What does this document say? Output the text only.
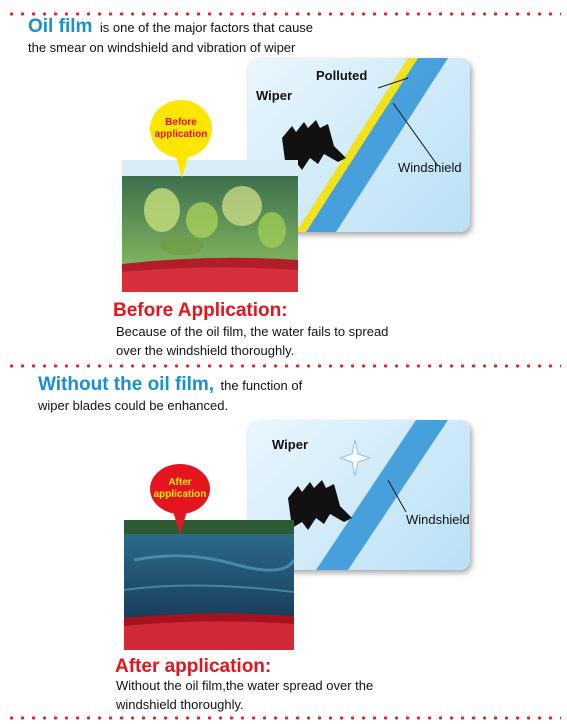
Oil film is one of the major factors that cause
the smear on windshield and vibration of wiper
Polluted
Wiper
Windshield
Before
application
Before Application:
Because of the oil film, the water fails to spread
over the windshield thoroughly.
Without the oil film, the function of
wiper blades could be enhanced.
Wiper
Windshield
After
application
After application:
Without the oil film,the water spread over the
windshield thoroughly.
